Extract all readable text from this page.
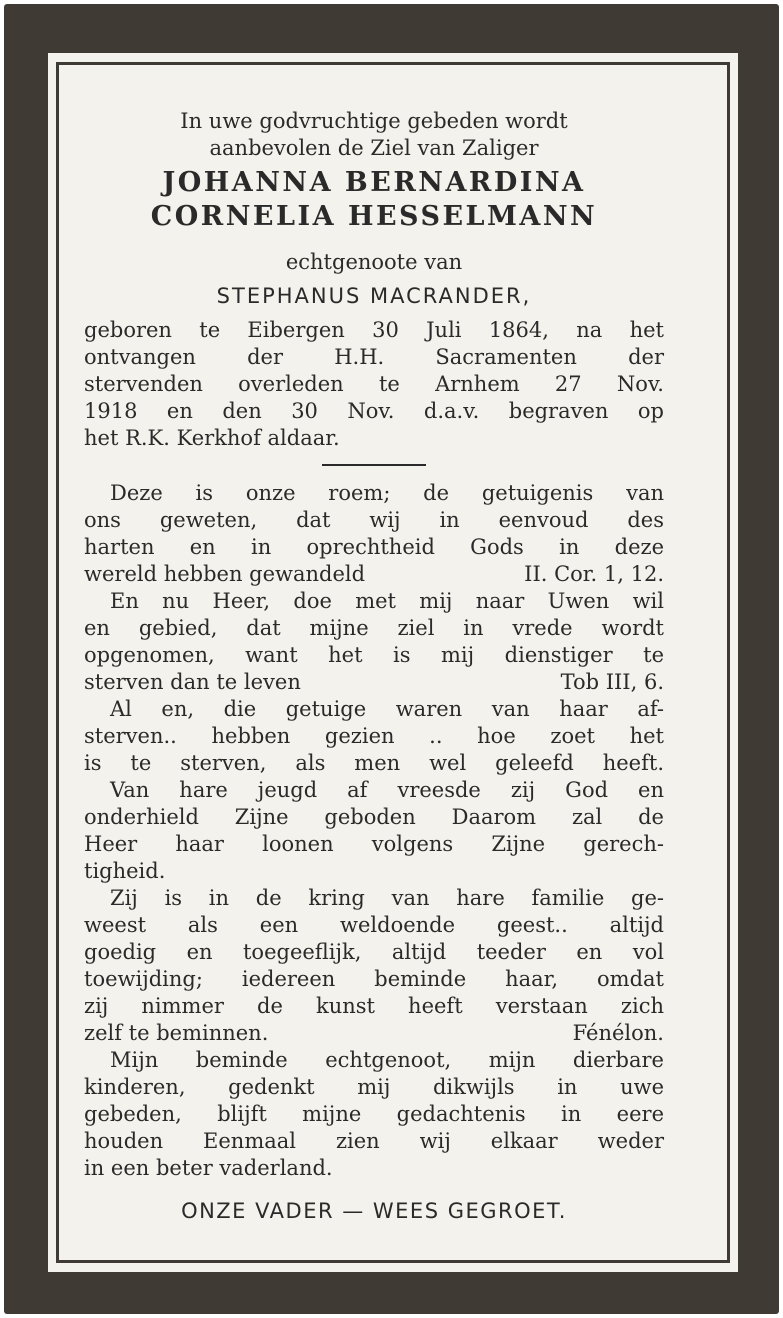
In uwe godvruchtige gebeden wordt
aanbevolen de Ziel van Zaliger
JOHANNA BERNARDINA
CORNELIA HESSELMANN
echtgenoote van
STEPHANUS MACRANDER,
geboren te Eibergen 30 Juli 1864, na het
ontvangen der H.H. Sacramenten der
stervenden overleden te Arnhem 27 Nov.
1918 en den 30 Nov. d.a.v. begraven op
het R.K. Kerkhof aldaar.
Deze is onze roem; de getuigenis van
ons geweten, dat wij in eenvoud des
harten en in oprechtheid Gods in deze
wereld hebben gewandeld	II. Cor. 1, 12.
En nu Heer, doe met mij naar Uwen wil
en gebied, dat mijne ziel in vrede wordt
opgenomen, want het is mij dienstiger te
sterven dan te leven	Tob III, 6.
Al en, die getuige waren van haar af-
sterven.. hebben gezien .. hoe zoet het
is te sterven, als men wel geleefd heeft.
Van hare jeugd af vreesde zij God en
onderhield Zijne geboden Daarom zal de
Heer haar loonen volgens Zijne gerech-
tigheid.
Zij is in de kring van hare familie ge-
weest als een weldoende geest.. altijd
goedig en toegeeflijk, altijd teeder en vol
toewijding; iedereen beminde haar, omdat
zij nimmer de kunst heeft verstaan zich
zelf te beminnen.	Fénélon.
Mijn beminde echtgenoot, mijn dierbare
kinderen, gedenkt mij dikwijls in uwe
gebeden, blijft mijne gedachtenis in eere
houden Eenmaal zien wij elkaar weder
in een beter vaderland.
ONZE VADER — WEES GEGROET.
